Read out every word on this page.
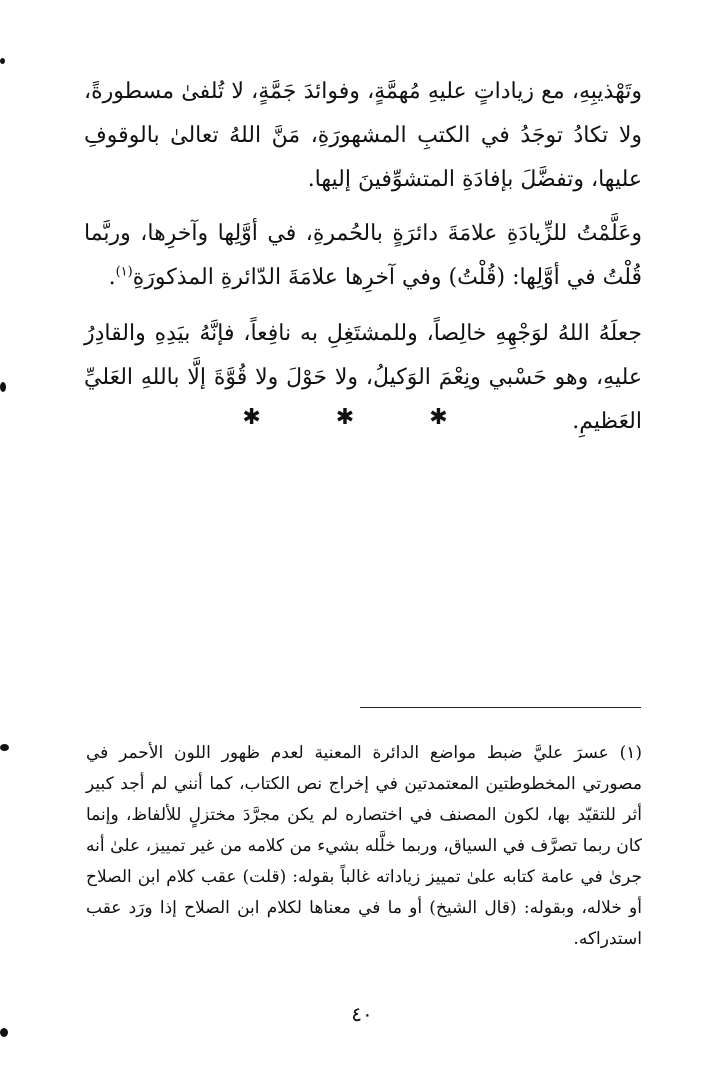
وتَهْذيبِهِ، مع زياداتٍ عليهِ مُهمَّةٍ، وفوائدَ جَمَّةٍ، لا تُلفىٰ مسطورةً، ولا تكادُ توجَدُ في الكتبِ المشهورَةِ، مَنَّ اللهُ تعالىٰ بالوقوفِ عليها، وتفضَّلَ بإفادَةِ المتشوِّفينَ إليها.

وعَلَّمْتُ للزِّيادَةِ علامَةَ دائرَةٍ بالحُمرةِ، في أوَّلِها وآخرِها، وربَّما قُلْتُ في أوَّلِها: (قُلْتُ) وفي آخرِها علامَةَ الدّائرةِ المذكورَةِ$^{(١)}$.

جعلَهُ اللهُ لوَجْهِهِ خالِصاً، وللمشتَغِلِ به نافِعاً، فإنَّهُ بيَدِهِ والقادِرُ عليهِ، وهو حَسْبي ونِعْمَ الوَكيلُ، ولا حَوْلَ ولا قُوَّةَ إلَّا باللهِ العَليِّ العَظيمِ.

✱ ✱ ✱
(١) عسرَ عليَّ ضبط مواضع الدائرة المعنية لعدم ظهور اللون الأحمر في مصورتي المخطوطتين المعتمدتين في إخراج نص الكتاب، كما أنني لم أجد كبير أثر للتقيّد بها، لكون المصنف في اختصاره لم يكن مجرَّدَ مختزلٍ للألفاظ، وإنما كان ربما تصرَّف في السياق، وربما خلَّله بشيء من كلامه من غير تمييز، علىٰ أنه جرىٰ في عامة كتابه علىٰ تمييز زياداته غالباً بقوله: (قلت) عقب كلام ابن الصلاح أو خلاله، وبقوله: (قال الشيخ) أو ما في معناها لكلام ابن الصلاح إذا ورَد عقب استدراكه.
٤٠
